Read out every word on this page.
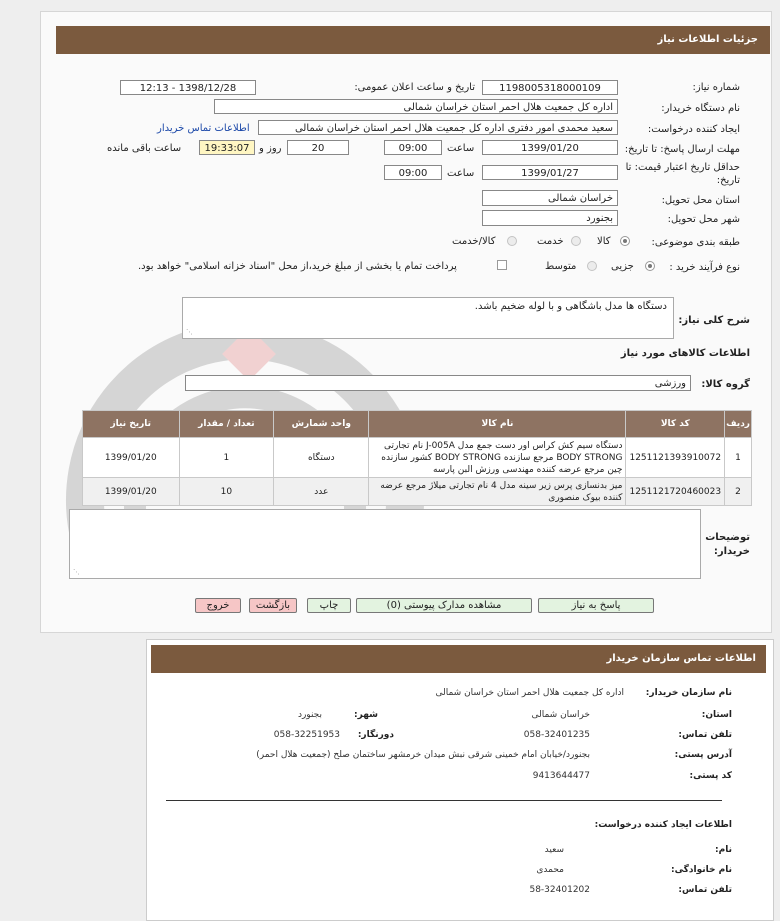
جزئیات اطلاعات نیاز
شماره نیاز:
1198005318000109
تاریخ و ساعت اعلان عمومی:
1398/12/28 - 12:13
نام دستگاه خریدار:
اداره کل جمعیت هلال احمر استان خراسان شمالی
ایجاد کننده درخواست:
سعید محمدی امور دفتری اداره کل جمعیت هلال احمر استان خراسان شمالی
اطلاعات تماس خریدار
مهلت ارسال پاسخ: تا تاریخ:
1399/01/20
ساعت
09:00
20
روز و
19:33:07
ساعت باقی مانده
حداقل تاریخ اعتبار قیمت: تا
تاریخ:
1399/01/27
ساعت
09:00
استان محل تحویل:
خراسان شمالی
شهر محل تحویل:
بجنورد
طبقه بندی موضوعی:
کالا
خدمت
کالا/خدمت
نوع فرآیند خرید :
جزیی
متوسط
پرداخت تمام یا بخشی از مبلغ خرید،از محل "اسناد خزانه اسلامی" خواهد بود.
شرح کلی نیاز:
دستگاه ها مدل باشگاهی و با لوله ضخیم باشد.
⋰
اطلاعات کالاهای مورد نیاز
گروه کالا:
ورزشی
ردیف	کد کالا	نام کالا	واحد شمارش	تعداد / مقدار	تاریخ نیاز
1	1251121393910072	دستگاه سیم کش کراس اور دست جمع مدل J-005A نام تجارتی BODY STRONG مرجع سازنده BODY STRONG کشور سازنده چین مرجع عرضه کننده مهندسی ورزش البن پارسه	دستگاه	1	1399/01/20
2	1251121720460023	میز بدنسازی پرس زیر سینه مدل 4 نام تجارتی میلاژ مرجع عرضه کننده بیوک منصوری	عدد	10	1399/01/20
توضیحات
خریدار:
⋰
پاسخ به نیاز
مشاهده مدارک پیوستی (0)
چاپ
بازگشت
خروج
اطلاعات تماس سازمان خریدار
نام سازمان خریدار:
اداره کل جمعیت هلال احمر استان خراسان شمالی
استان:
خراسان شمالی
شهر:
بجنورد
تلفن تماس:
058-32401235
دورنگار:
058-32251953
آدرس پستی:
بجنورد/خیابان امام خمینی شرقی نبش میدان خرمشهر ساختمان صلح (جمعیت هلال احمر)
کد پستی:
9413644477
اطلاعات ایجاد کننده درخواست:
نام:
سعید
نام خانوادگی:
محمدی
تلفن تماس:
58-32401202
